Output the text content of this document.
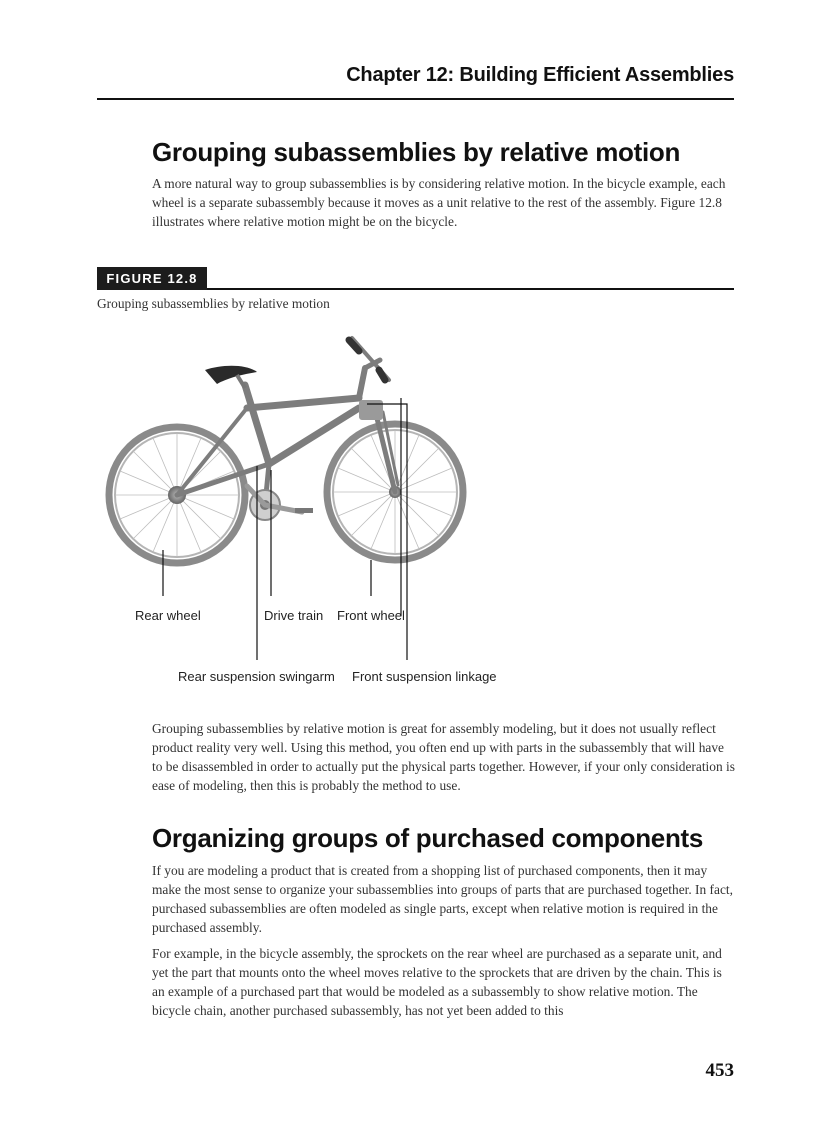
Chapter 12: Building Efficient Assemblies
Grouping subassemblies by relative motion

A more natural way to group subassemblies is by considering relative motion. In the bicycle example, each wheel is a separate subassembly because it moves as a unit relative to the rest of the assembly. Figure 12.8 illustrates where relative motion might be on the bicycle.

FIGURE 12.8

Grouping subassemblies by relative motion

Rear wheel	Drive train Front wheel
Rear suspension swingarm Front suspension linkage

Grouping subassemblies by relative motion is great for assembly modeling, but it does not usually reflect product reality very well. Using this method, you often end up with parts in the subassembly that will have to be disassembled in order to actually put the physical parts together. However, if your only consideration is ease of modeling, then this is probably the method to use.

Organizing groups of purchased components

If you are modeling a product that is created from a shopping list of purchased components, then it may make the most sense to organize your subassemblies into groups of parts that are purchased together. In fact, purchased subassemblies are often modeled as single parts, except when relative motion is required in the purchased assembly.

For example, in the bicycle assembly, the sprockets on the rear wheel are purchased as a separate unit, and yet the part that mounts onto the wheel moves relative to the sprockets that are driven by the chain. This is an example of a purchased part that would be modeled as a subassembly to show relative motion. The bicycle chain, another purchased subassembly, has not yet been added to this

453
